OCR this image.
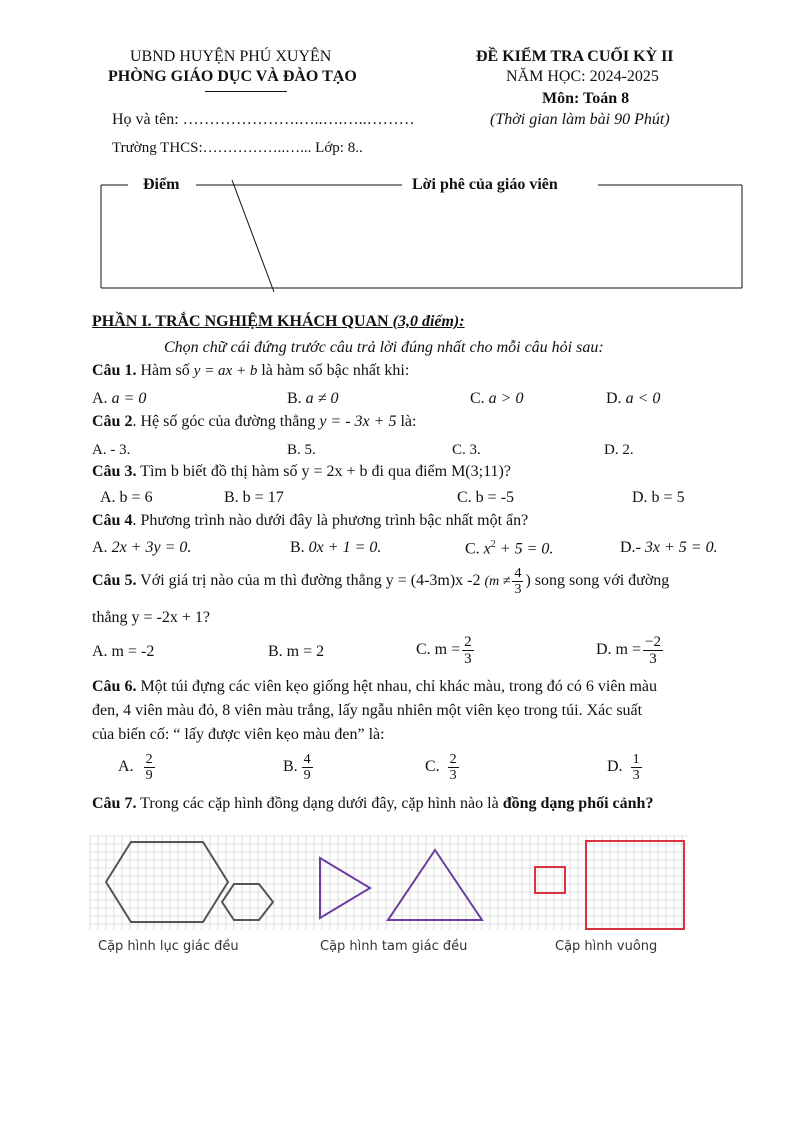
UBND HUYỆN PHÚ XUYÊN
PHÒNG GIÁO DỤC VÀ ĐÀO TẠO
ĐỀ KIỂM TRA CUỐI KỲ II
NĂM HỌC: 2024-2025
Môn: Toán 8
(Thời gian làm bài 90 Phút)
Họ và tên: ………………….…..….…..………
Trường THCS:……………..…... Lớp: 8..
Điểm	Lời phê của giáo viên
PHẦN I. TRẮC NGHIỆM KHÁCH QUAN (3,0 điểm):
Chọn chữ cái đứng trước câu trả lời đúng nhất cho mỗi câu hỏi sau:
Câu 1. Hàm số y = ax + b là hàm số bậc nhất khi:
A. a = 0	B. a ≠ 0	C. a > 0	D. a < 0
Câu 2. Hệ số góc của đường thẳng y = - 3x + 5 là:
A. - 3.	B. 5.	C. 3.	D. 2.
Câu 3. Tìm b biết đồ thị hàm số y = 2x + b đi qua điểm M(3;11)?
A. b = 6	B. b = 17	C. b = -5	D. b = 5
Câu 4. Phương trình nào dưới đây là phương trình bậc nhất một ẩn?
A. 2x + 3y = 0.	B. 0x + 1 = 0.	C. $x^2 + 5 = 0$.	D.- 3x + 5 = 0.
Câu 5. Với giá trị nào của m thì đường thẳng y = (4-3m)x -2 ($m \ne \frac{4}{3}$ ) song song với đường
thẳng y = -2x + 1?
A. m = -2	B. m = 2	C. $m = \frac{2}{3}$	D. $m = \frac{-2}{3}$
Câu 6. Một túi đựng các viên kẹo giống hệt nhau, chỉ khác màu, trong đó có 6 viên màu
đen, 4 viên màu đỏ, 8 viên màu trắng, lấy ngẫu nhiên một viên kẹo trong túi. Xác suất
của biến cố: “ lấy được viên kẹo màu đen” là:
A. $\frac{2}{9}$	B. $\frac{4}{9}$	C. $\frac{2}{3}$	D. $\frac{1}{3}$
Câu 7. Trong các cặp hình đồng dạng dưới đây, cặp hình nào là đồng dạng phối cảnh?
Cặp hình lục giác đều	Cặp hình tam giác đều	Cặp hình vuông
